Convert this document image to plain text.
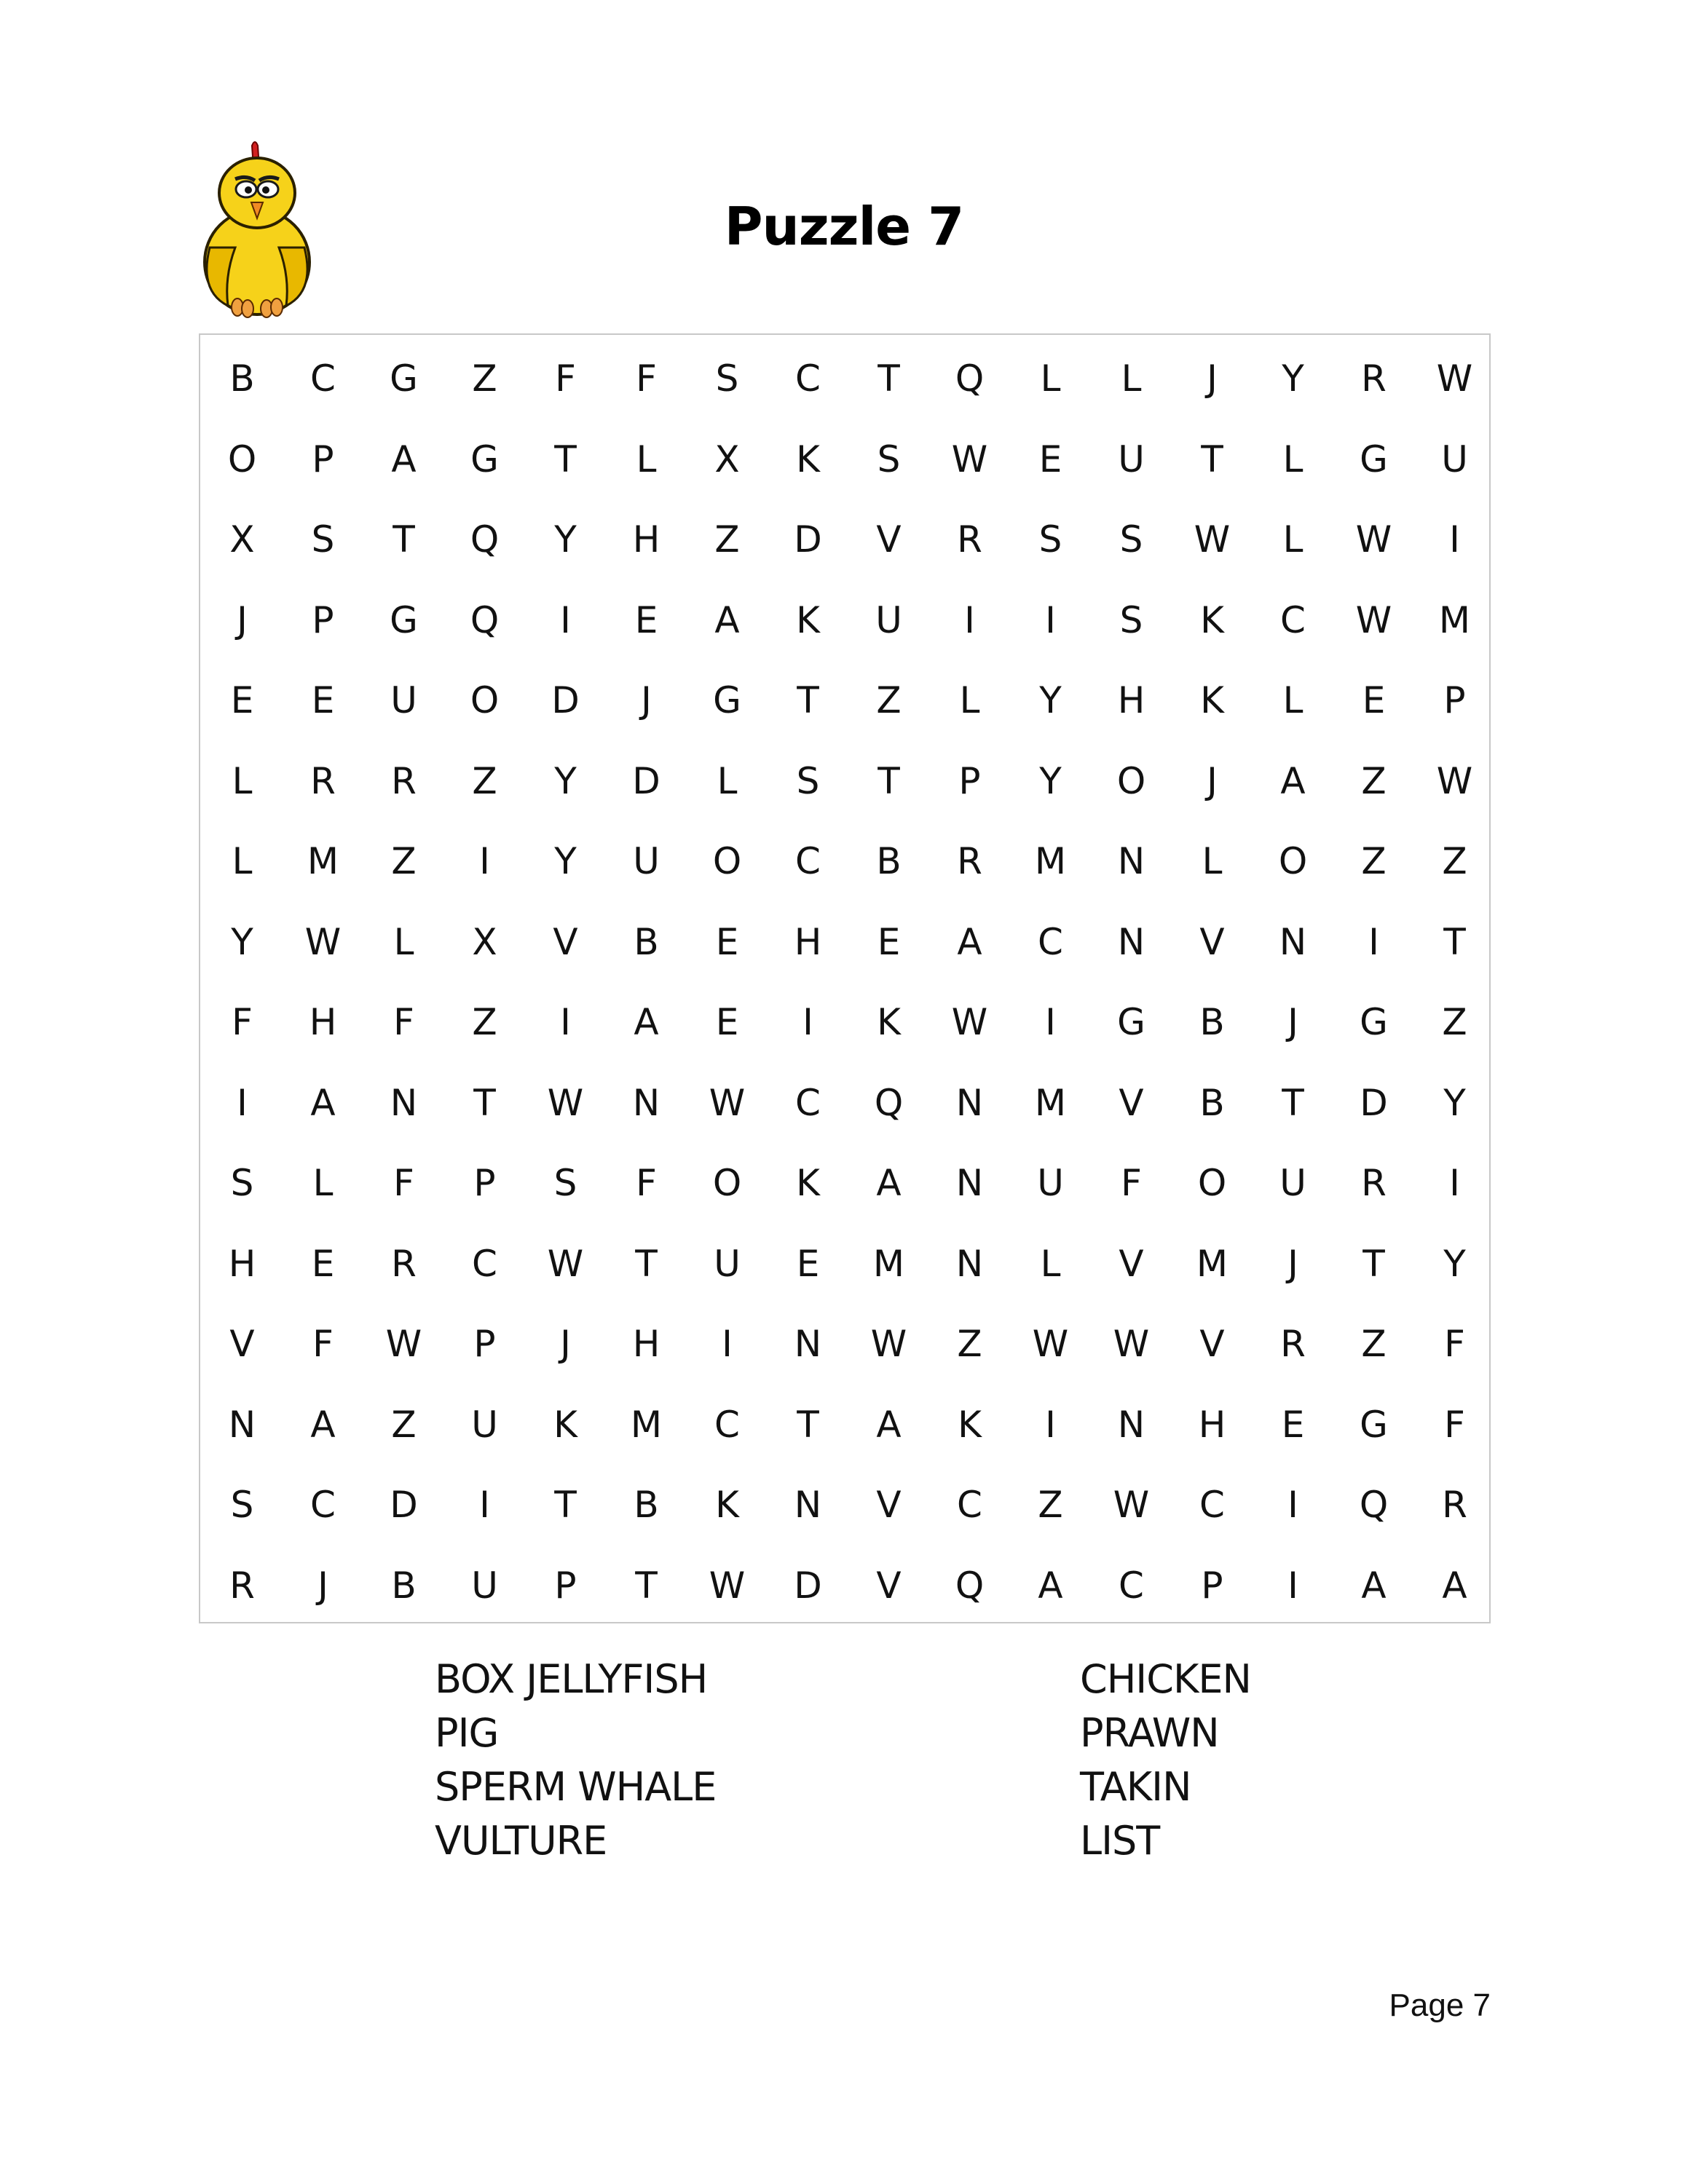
Puzzle 7
B	C	G	Z	F	F	S	C	T	Q	L	L	J	Y	R	W
O	P	A	G	T	L	X	K	S	W	E	U	T	L	G	U
X	S	T	Q	Y	H	Z	D	V	R	S	S	W	L	W	I
J	P	G	Q	I	E	A	K	U	I	I	S	K	C	W	M
E	E	U	O	D	J	G	T	Z	L	Y	H	K	L	E	P
L	R	R	Z	Y	D	L	S	T	P	Y	O	J	A	Z	W
L	M	Z	I	Y	U	O	C	B	R	M	N	L	O	Z	Z
Y	W	L	X	V	B	E	H	E	A	C	N	V	N	I	T
F	H	F	Z	I	A	E	I	K	W	I	G	B	J	G	Z
I	A	N	T	W	N	W	C	Q	N	M	V	B	T	D	Y
S	L	F	P	S	F	O	K	A	N	U	F	O	U	R	I
H	E	R	C	W	T	U	E	M	N	L	V	M	J	T	Y
V	F	W	P	J	H	I	N	W	Z	W	W	V	R	Z	F
N	A	Z	U	K	M	C	T	A	K	I	N	H	E	G	F
S	C	D	I	T	B	K	N	V	C	Z	W	C	I	Q	R
R	J	B	U	P	T	W	D	V	Q	A	C	P	I	A	A
BOX JELLYFISH
PIG
SPERM WHALE
VULTURE
CHICKEN
PRAWN
TAKIN
LIST
Page 7
